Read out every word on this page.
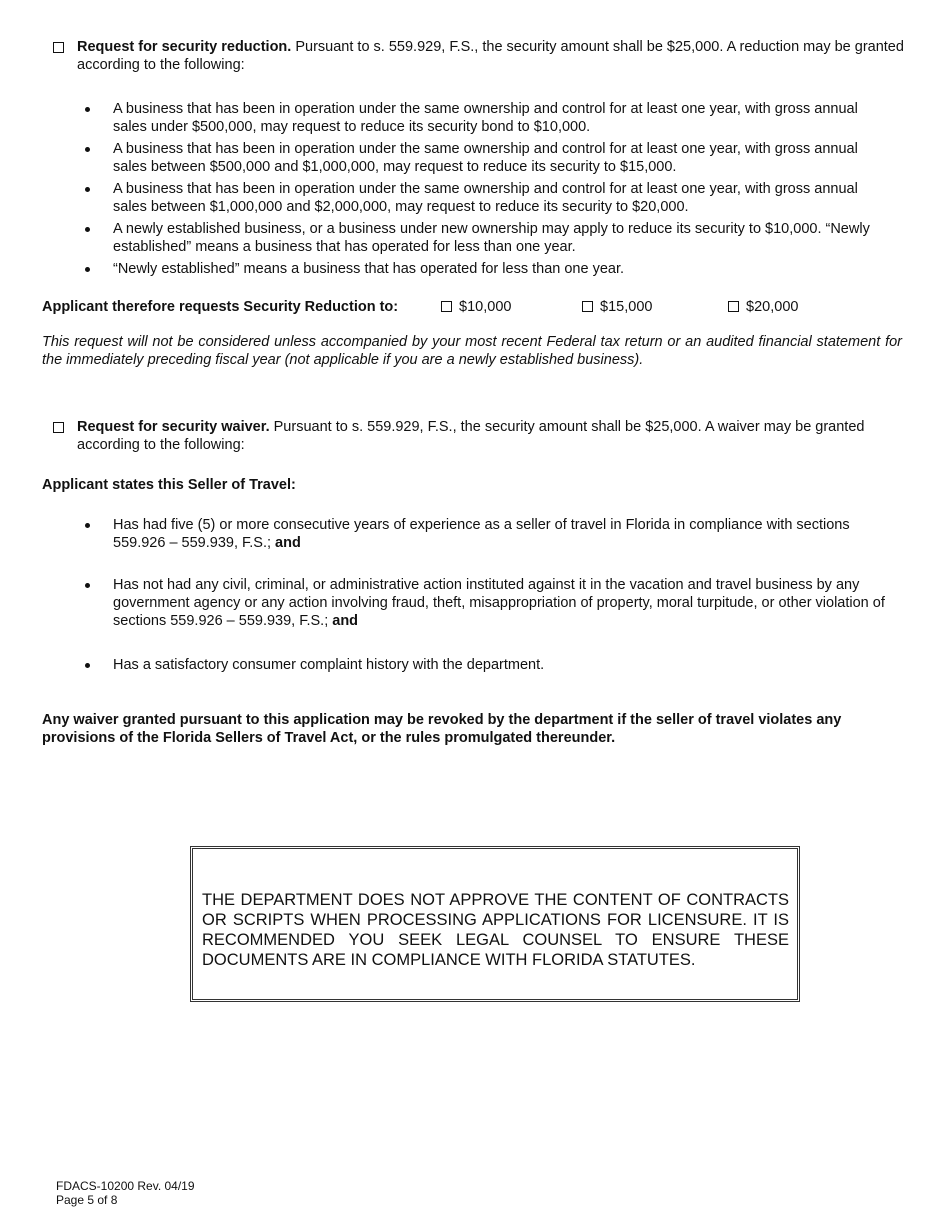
Request for security reduction. Pursuant to s. 559.929, F.S., the security amount shall be $25,000. A reduction may be granted according to the following:
A business that has been in operation under the same ownership and control for at least one year, with gross annual sales under $500,000, may request to reduce its security bond to $10,000.
A business that has been in operation under the same ownership and control for at least one year, with gross annual sales between $500,000 and $1,000,000, may request to reduce its security to $15,000.
A business that has been in operation under the same ownership and control for at least one year, with gross annual sales between $1,000,000 and $2,000,000, may request to reduce its security to $20,000.
A newly established business, or a business under new ownership may apply to reduce its security to $10,000. “Newly established” means a business that has operated for less than one year.
“Newly established” means a business that has operated for less than one year.
Applicant therefore requests Security Reduction to:	$10,000	$15,000	$20,000
This request will not be considered unless accompanied by your most recent Federal tax return or an audited financial statement for the immediately preceding fiscal year (not applicable if you are a newly established business).
Request for security waiver. Pursuant to s. 559.929, F.S., the security amount shall be $25,000. A waiver may be granted according to the following:
Applicant states this Seller of Travel:
Has had five (5) or more consecutive years of experience as a seller of travel in Florida in compliance with sections 559.926 – 559.939, F.S.; and
Has not had any civil, criminal, or administrative action instituted against it in the vacation and travel business by any government agency or any action involving fraud, theft, misappropriation of property, moral turpitude, or other violation of sections 559.926 – 559.939, F.S.; and
Has a satisfactory consumer complaint history with the department.
Any waiver granted pursuant to this application may be revoked by the department if the seller of travel violates any provisions of the Florida Sellers of Travel Act, or the rules promulgated thereunder.
THE DEPARTMENT DOES NOT APPROVE THE CONTENT OF CONTRACTS OR SCRIPTS WHEN PROCESSING APPLICATIONS FOR LICENSURE. IT IS RECOMMENDED YOU SEEK LEGAL COUNSEL TO ENSURE THESE DOCUMENTS ARE IN COMPLIANCE WITH FLORIDA STATUTES.
FDACS-10200 Rev. 04/19
Page 5 of 8
